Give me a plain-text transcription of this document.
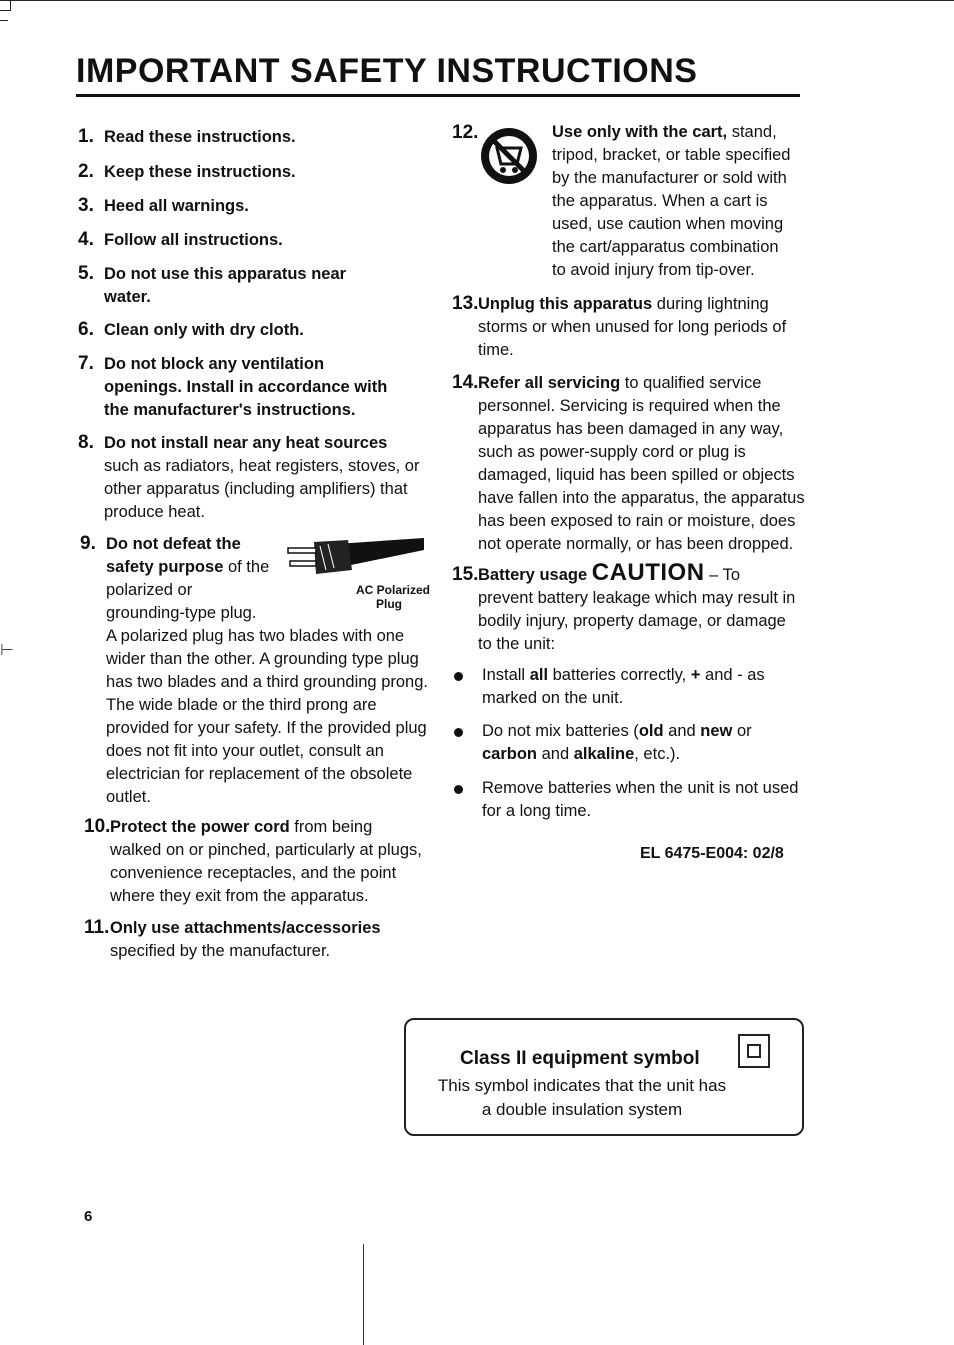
⊢
IMPORTANT SAFETY INSTRUCTIONS
1. Read these instructions.
2. Keep these instructions.
3. Heed all warnings.
4. Follow all instructions.
5. Do not use this apparatus near
water.
6. Clean only with dry cloth.
7. Do not block any ventilation
openings. Install in accordance with
the manufacturer's instructions.
8. Do not install near any heat sources
such as radiators, heat registers, stoves, or
other apparatus (including amplifiers) that
produce heat.
9. Do not defeat the
safety purpose of the
polarized or
grounding-type plug.
A polarized plug has two blades with one
wider than the other. A grounding type plug
has two blades and a third grounding prong.
The wide blade or the third prong are
provided for your safety. If the provided plug
does not fit into your outlet, consult an
electrician for replacement of the obsolete
outlet.
AC Polarized
Plug
10.Protect the power cord from being
walked on or pinched, particularly at plugs,
convenience receptacles, and the point
where they exit from the apparatus.
11.Only use attachments/accessories
specified by the manufacturer.
12.	Use only with the cart, stand,
tripod, bracket, or table specified
by the manufacturer or sold with
the apparatus. When a cart is
used, use caution when moving
the cart/apparatus combination
to avoid injury from tip-over.
13.Unplug this apparatus during lightning
storms or when unused for long periods of
time.
14.Refer all servicing to qualified service
personnel. Servicing is required when the
apparatus has been damaged in any way,
such as power-supply cord or plug is
damaged, liquid has been spilled or objects
have fallen into the apparatus, the apparatus
has been exposed to rain or moisture, does
not operate normally, or has been dropped.
15.Battery usage CAUTION – To
prevent battery leakage which may result in
bodily injury, property damage, or damage
to the unit:
Install all batteries correctly, + and - as
marked on the unit.
Do not mix batteries (old and new or
carbon and alkaline, etc.).
Remove batteries when the unit is not used
for a long time.
EL 6475-E004: 02/8
Class II equipment symbol
This symbol indicates that the unit has
a double insulation system
6
